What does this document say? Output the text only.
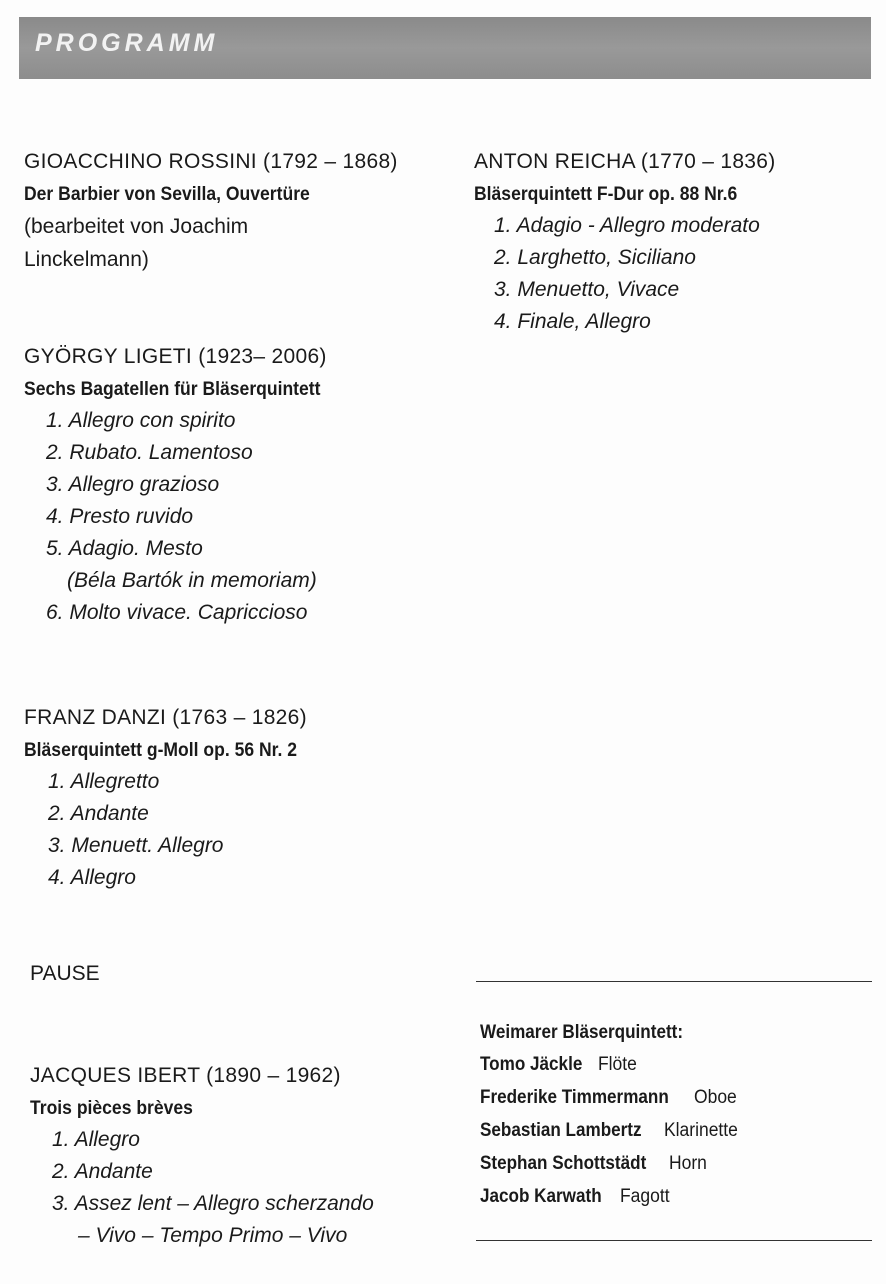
PROGRAMM
GIOACCHINO ROSSINI (1792 – 1868)
Der Barbier von Sevilla, Ouvertüre
(bearbeitet von Joachim
Linckelmann)
GYÖRGY LIGETI (1923– 2006)
Sechs Bagatellen für Bläserquintett
1. Allegro con spirito
2. Rubato. Lamentoso
3. Allegro grazioso
4. Presto ruvido
5. Adagio. Mesto
(Béla Bartók in memoriam)
6. Molto vivace. Capriccioso
FRANZ DANZI (1763 – 1826)
Bläserquintett g-Moll op. 56 Nr. 2
1. Allegretto
2. Andante
3. Menuett. Allegro
4. Allegro
PAUSE
JACQUES IBERT (1890 – 1962)
Trois pièces brèves
1. Allegro
2. Andante
3. Assez lent – Allegro scherzando
– Vivo – Tempo Primo – Vivo
ANTON REICHA (1770 – 1836)
Bläserquintett F-Dur op. 88 Nr.6
1. Adagio - Allegro moderato
2. Larghetto, Siciliano
3. Menuetto, Vivace
4. Finale, Allegro
Weimarer Bläserquintett:
Tomo Jäckle Flöte
Frederike Timmermann Oboe
Sebastian Lambertz Klarinette
Stephan Schottstädt Horn
Jacob Karwath Fagott
